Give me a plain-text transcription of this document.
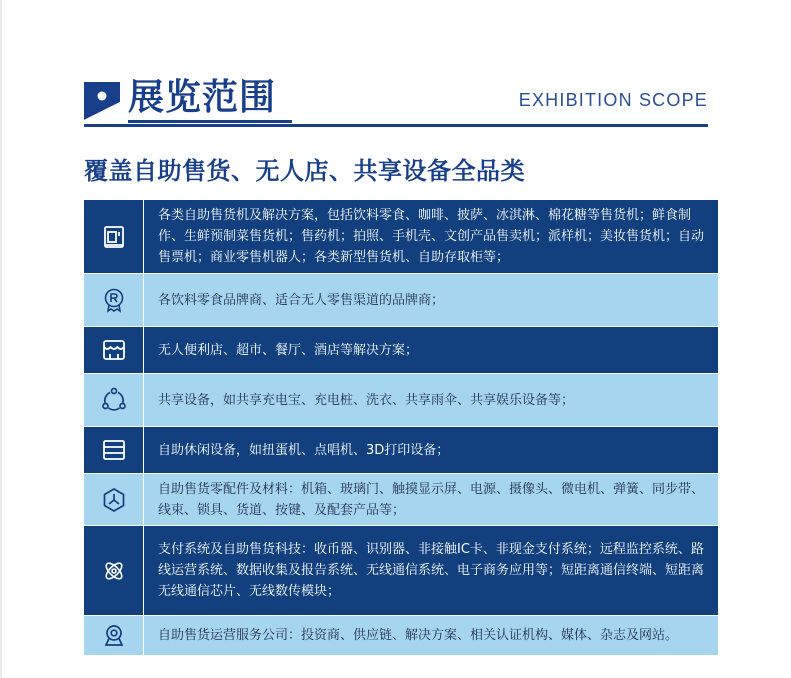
展览范围	EXHIBITION SCOPE
覆盖自助售货、无人店、共享设备全品类
各类自助售货机及解决方案，包括饮料零食、咖啡、披萨、冰淇淋、棉花糖等售货机；鲜食制作、生鲜预制菜售货机；售药机；拍照、手机壳、文创产品售卖机；派样机；美妆售货机；自动售票机；商业零售机器人；各类新型售货机、自助存取柜等；
各饮料零食品牌商、适合无人零售渠道的品牌商；
无人便利店、超市、餐厅、酒店等解决方案；
共享设备，如共享充电宝、充电桩、洗衣、共享雨伞、共享娱乐设备等；
自助休闲设备，如扭蛋机、点唱机、3D打印设备；
自助售货零配件及材料：机箱、玻璃门、触摸显示屏、电源、摄像头、微电机、弹簧、同步带、线束、锁具、货道、按键、及配套产品等；
支付系统及自助售货科技：收币器、识别器、非接触IC卡、非现金支付系统；远程监控系统、路线运营系统、数据收集及报告系统、无线通信系统、电子商务应用等；短距离通信终端、短距离无线通信芯片、无线数传模块；
自助售货运营服务公司：投资商、供应链、解决方案、相关认证机构、媒体、杂志及网站。
